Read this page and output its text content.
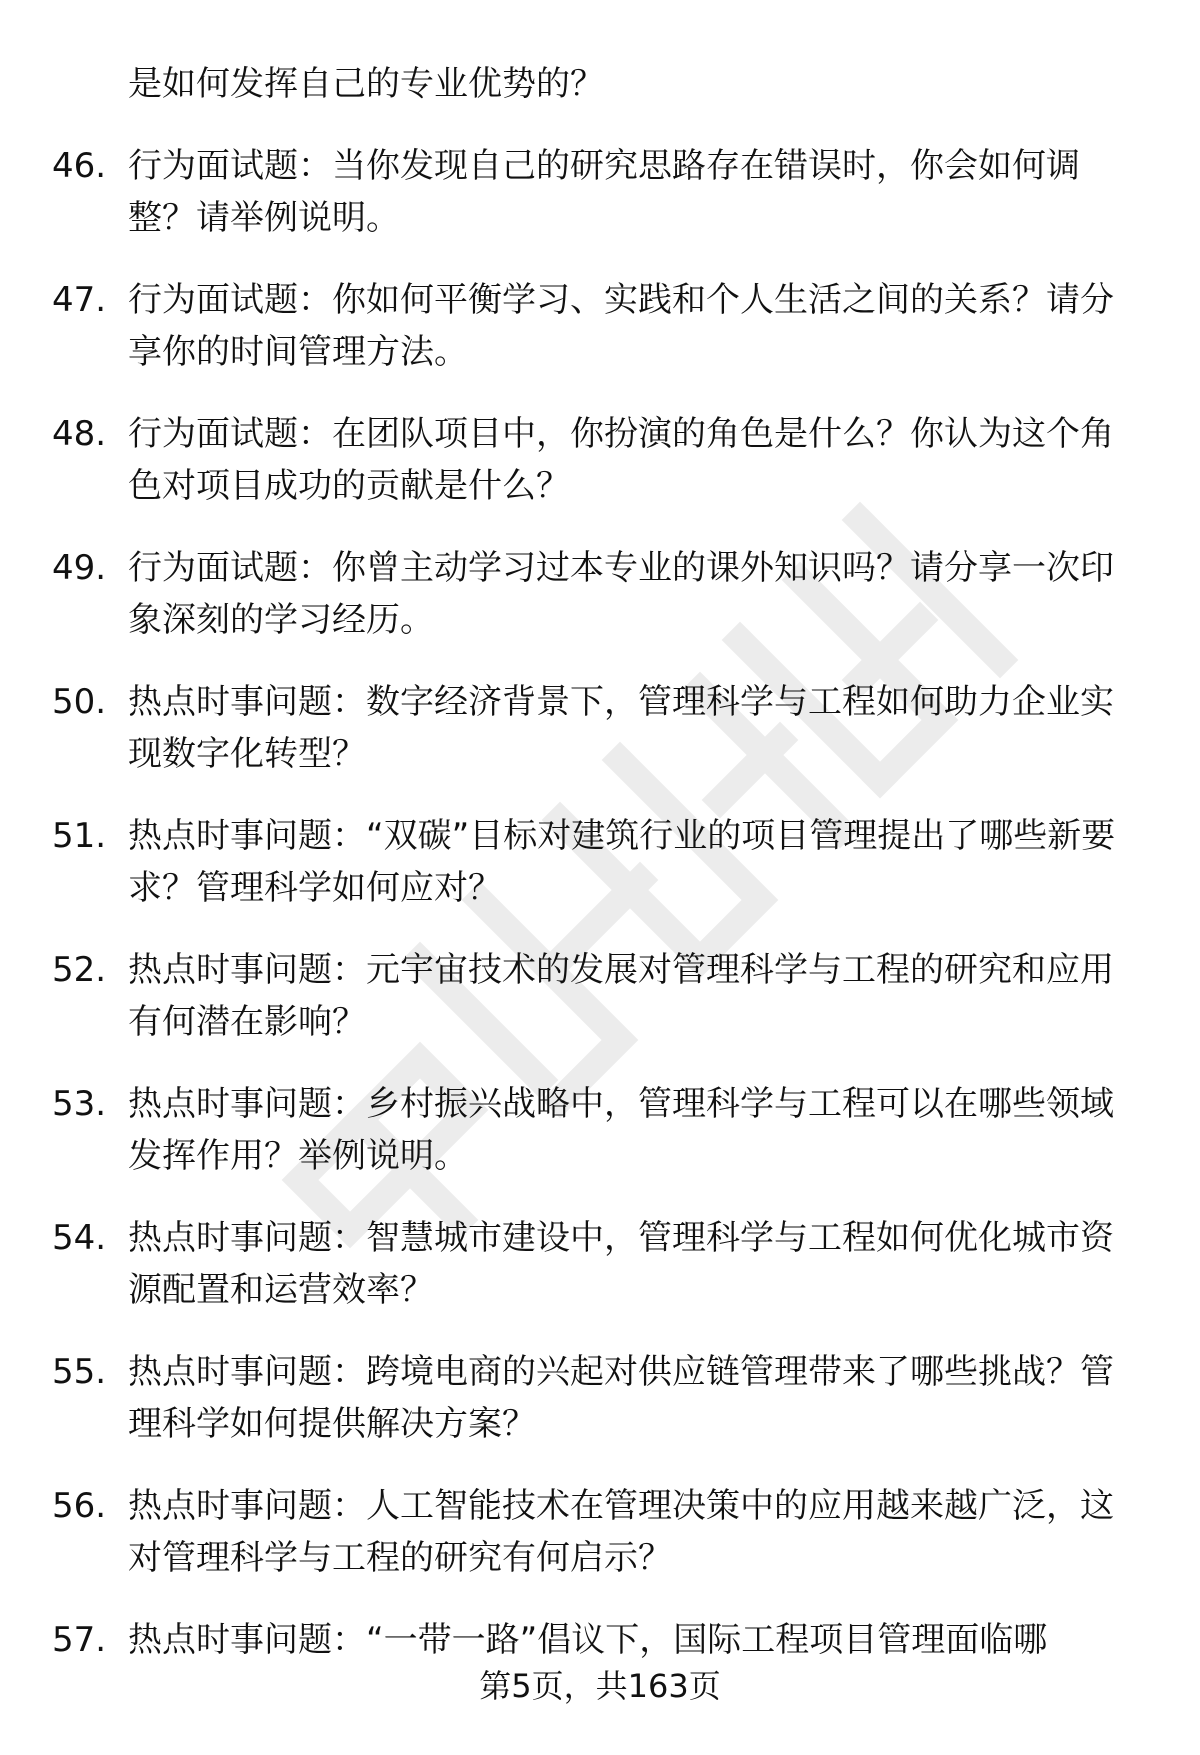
是如何发挥自己的专业优势的？
46. 行为面试题：当你发现自己的研究思路存在错误时，你会如何调整？请举例说明。
47. 行为面试题：你如何平衡学习、实践和个人生活之间的关系？请分享你的时间管理方法。
48. 行为面试题：在团队项目中，你扮演的角色是什么？你认为这个角色对项目成功的贡献是什么？
49. 行为面试题：你曾主动学习过本专业的课外知识吗？请分享一次印象深刻的学习经历。
50. 热点时事问题：数字经济背景下，管理科学与工程如何助力企业实现数字化转型？
51. 热点时事问题：“双碳”目标对建筑行业的项目管理提出了哪些新要求？管理科学如何应对？
52. 热点时事问题：元宇宙技术的发展对管理科学与工程的研究和应用有何潜在影响？
53. 热点时事问题：乡村振兴战略中，管理科学与工程可以在哪些领域发挥作用？举例说明。
54. 热点时事问题：智慧城市建设中，管理科学与工程如何优化城市资源配置和运营效率？
55. 热点时事问题：跨境电商的兴起对供应链管理带来了哪些挑战？管理科学如何提供解决方案？
56. 热点时事问题：人工智能技术在管理决策中的应用越来越广泛，这对管理科学与工程的研究有何启示？
57. 热点时事问题：“一带一路”倡议下，国际工程项目管理面临哪
第5页，共163页
